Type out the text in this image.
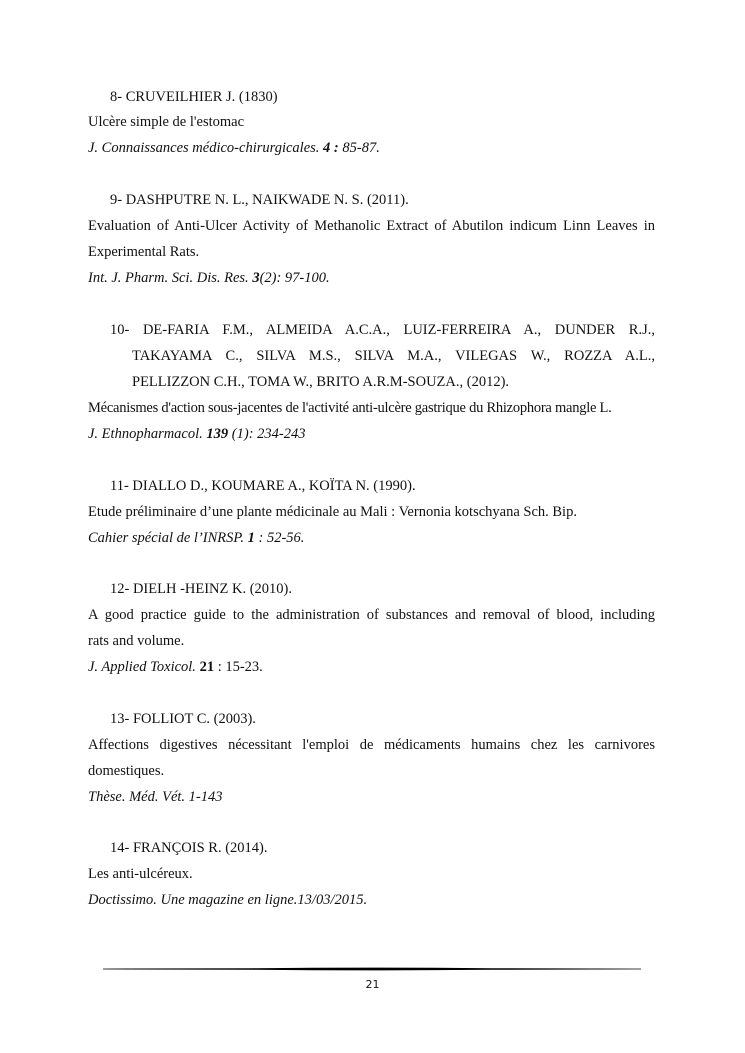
8- CRUVEILHIER J. (1830)
Ulcère simple de l'estomac
J. Connaissances médico-chirurgicales. 4 : 85-87.
9- DASHPUTRE N. L., NAIKWADE N. S. (2011).
Evaluation of Anti-Ulcer Activity of Methanolic Extract of Abutilon indicum Linn Leaves in
Experimental Rats.
Int. J. Pharm. Sci. Dis. Res. 3(2): 97-100.
10- DE-FARIA F.M., ALMEIDA A.C.A., LUIZ-FERREIRA A., DUNDER R.J.,
TAKAYAMA C., SILVA M.S., SILVA M.A., VILEGAS W., ROZZA A.L.,
PELLIZZON C.H., TOMA W., BRITO A.R.M-SOUZA., (2012).
Mécanismes d'action sous-jacentes de l'activité anti-ulcère gastrique du Rhizophora mangle L.
J. Ethnopharmacol. 139 (1): 234-243
11- DIALLO D., KOUMARE A., KOÏTA N. (1990).
Etude préliminaire d’une plante médicinale au Mali : Vernonia kotschyana Sch. Bip.
Cahier spécial de l’INRSP. 1 : 52-56.
12- DIELH -HEINZ K. (2010).
A good practice guide to the administration of substances and removal of blood, including
rats and volume.
J. Applied Toxicol. 21 : 15-23.
13- FOLLIOT C. (2003).
Affections digestives nécessitant l'emploi de médicaments humains chez les carnivores
domestiques.
Thèse. Méd. Vét. 1-143
14- FRANÇOIS R. (2014).
Les anti-ulcéreux.
Doctissimo. Une magazine en ligne.13/03/2015.
21
